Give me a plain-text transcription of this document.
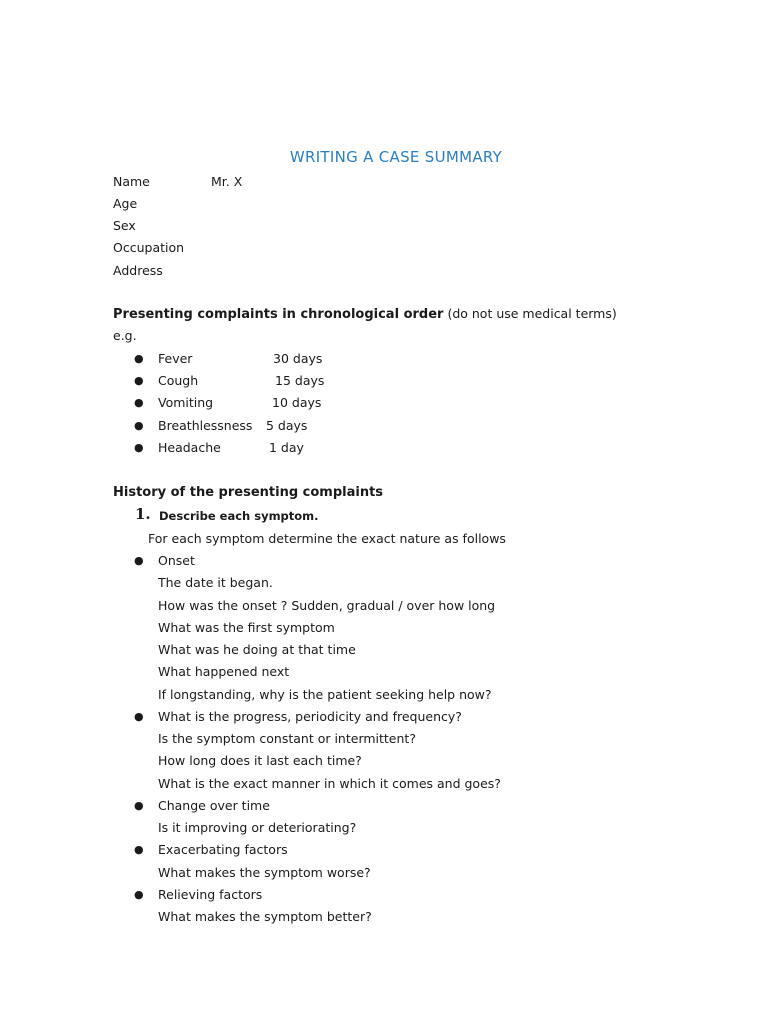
WRITING A CASE SUMMARY
Name	Mr. X
Age
Sex
Occupation
Address
Presenting complaints in chronological order (do not use medical terms)
e.g.
● Fever	30 days
● Cough	15 days
● Vomiting	10 days
● Breathlessness 5 days
● Headache	1 day
History of the presenting complaints
1. Describe each symptom.
For each symptom determine the exact nature as follows
● Onset
The date it began.
How was the onset ? Sudden, gradual / over how long
What was the first symptom
What was he doing at that time
What happened next
If longstanding, why is the patient seeking help now?
● What is the progress, periodicity and frequency?
Is the symptom constant or intermittent?
How long does it last each time?
What is the exact manner in which it comes and goes?
● Change over time
Is it improving or deteriorating?
● Exacerbating factors
What makes the symptom worse?
● Relieving factors
What makes the symptom better?
